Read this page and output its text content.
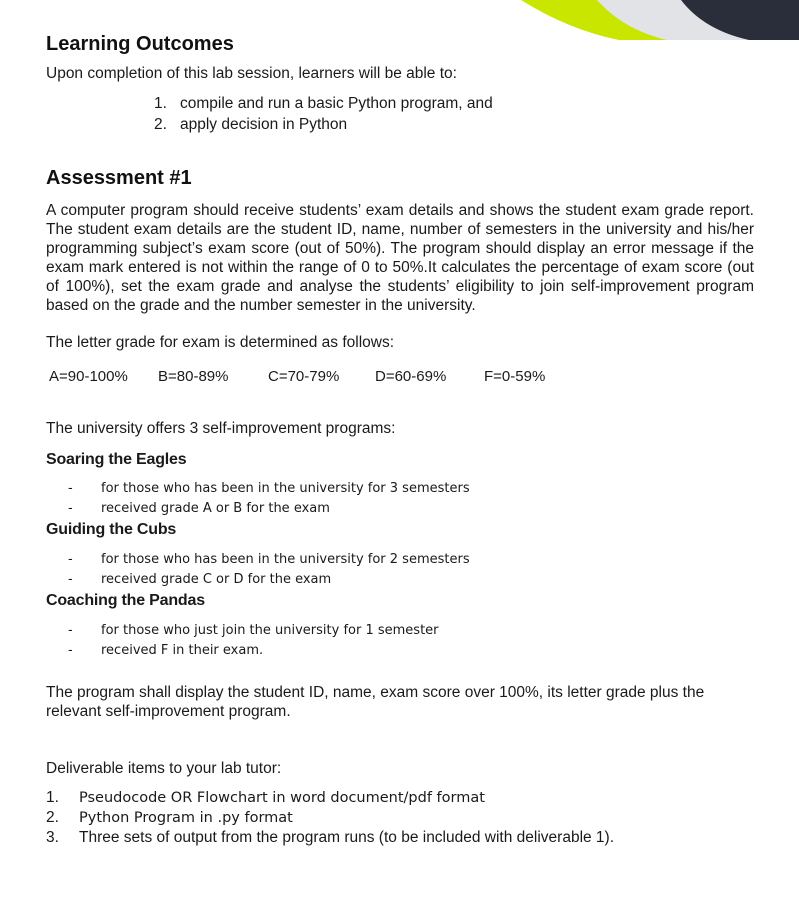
Learning Outcomes

Upon completion of this lab session, learners will be able to:

1. compile and run a basic Python program, and
2. apply decision in Python
Assessment #1

A computer program should receive students’ exam details and shows the student exam grade report. The student exam details are the student ID, name, number of semesters in the university and his/her programming subject’s exam score (out of 50%). The program should display an error message if the exam mark entered is not within the range of 0 to 50%.It calculates the percentage of exam score (out of 100%), set the exam grade and analyse the students’ eligibility to join self-improvement program based on the grade and the number semester in the university.

The letter grade for exam is determined as follows:

A=90-100%	B=80-89%	C=70-79%	D=60-69%	F=0-59%

The university offers 3 self-improvement programs:

Soaring the Eagles
-	for those who has been in the university for 3 semesters
-	received grade A or B for the exam
Guiding the Cubs
-	for those who has been in the university for 2 semesters
-	received grade C or D for the exam
Coaching the Pandas
-	for those who just join the university for 1 semester
-	received F in their exam.

The program shall display the student ID, name, exam score over 100%, its letter grade plus the relevant self-improvement program.

Deliverable items to your lab tutor:

1.	Pseudocode OR Flowchart in word document/pdf format
2.	Python Program in .py format
3.	Three sets of output from the program runs (to be included with deliverable 1).
